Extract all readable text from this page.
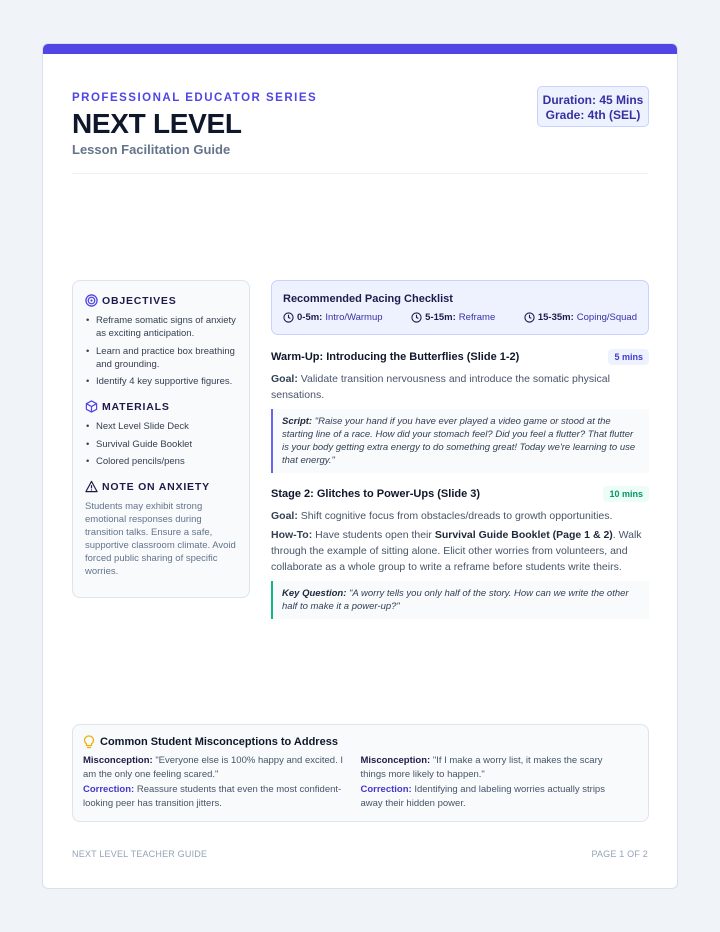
PROFESSIONAL EDUCATOR SERIES
NEXT LEVEL
Lesson Facilitation Guide
Duration: 45 Mins
Grade: 4th (SEL)
OBJECTIVES
• Reframe somatic signs of anxiety as exciting anticipation.
• Learn and practice box breathing and grounding.
• Identify 4 key supportive figures.
MATERIALS
• Next Level Slide Deck
• Survival Guide Booklet
• Colored pencils/pens
NOTE ON ANXIETY

Students may exhibit strong emotional responses during transition talks. Ensure a safe, supportive classroom climate. Avoid forced public sharing of specific worries.

Recommended Pacing Checklist
0-5m: Intro/Warmup	5-15m: Reframe	15-35m: Coping/Squad
Warm-Up: Introducing the Butterflies (Slide 1-2)	5 mins

Goal: Validate transition nervousness and introduce the somatic physical sensations.

Script: "Raise your hand if you have ever played a video game or stood at the starting line of a race. How did your stomach feel? Did you feel a flutter? That flutter is your body getting extra energy to do something great! Today we're learning to use that energy."
Stage 2: Glitches to Power-Ups (Slide 3)	10 mins

Goal: Shift cognitive focus from obstacles/dreads to growth opportunities.

How-To: Have students open their Survival Guide Booklet (Page 1 & 2). Walk through the example of sitting alone. Elicit other worries from volunteers, and collaborate as a whole group to write a reframe before students write theirs.

Key Question: "A worry tells you only half of the story. How can we write the other half to make it a power-up?"
Common Student Misconceptions to Address

Misconception: "Everyone else is 100% happy and excited. I am the only one feeling scared."

Correction: Reassure students that even the most confident-looking peer has transition jitters.

Misconception: "If I make a worry list, it makes the scary things more likely to happen."

Correction: Identifying and labeling worries actually strips away their hidden power.

NEXT LEVEL TEACHER GUIDE	PAGE 1 OF 2
